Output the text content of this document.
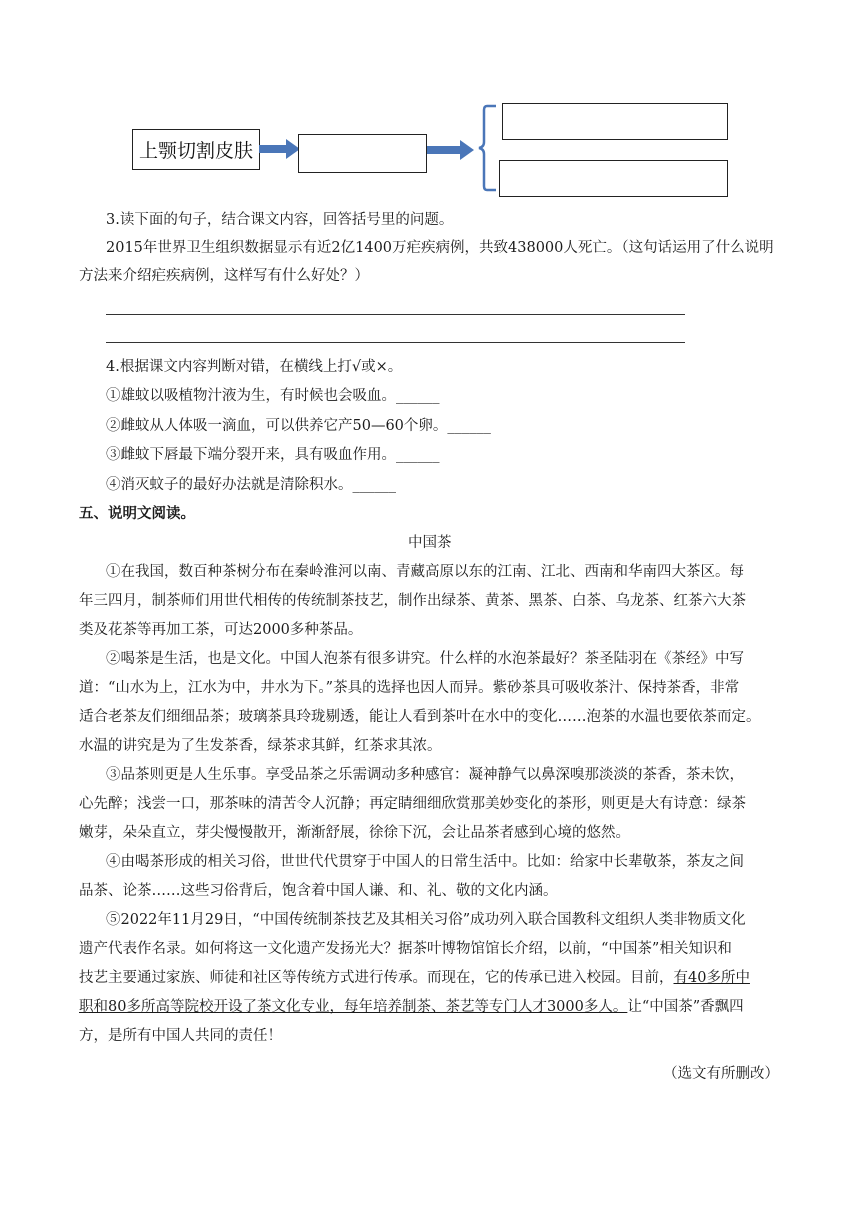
上颚切割皮肤
3.读下面的句子，结合课文内容，回答括号里的问题。
2015年世界卫生组织数据显示有近2亿1400万疟疾病例，共致438000人死亡。（这句话运用了什么说明
方法来介绍疟疾病例，这样写有什么好处？）
4.根据课文内容判断对错，在横线上打√或×。
①雄蚊以吸植物汁液为生，有时候也会吸血。______
②雌蚊从人体吸一滴血，可以供养它产50—60个卵。______
③雌蚊下唇最下端分裂开来，具有吸血作用。______
④消灭蚊子的最好办法就是清除积水。______
五、说明文阅读。
中国茶
①在我国，数百种茶树分布在秦岭淮河以南、青藏高原以东的江南、江北、西南和华南四大茶区。每
年三四月，制茶师们用世代相传的传统制茶技艺，制作出绿茶、黄茶、黑茶、白茶、乌龙茶、红茶六大茶
类及花茶等再加工茶，可达2000多种茶品。
②喝茶是生活，也是文化。中国人泡茶有很多讲究。什么样的水泡茶最好？茶圣陆羽在《茶经》中写
道：“山水为上，江水为中，井水为下。”茶具的选择也因人而异。紫砂茶具可吸收茶汁、保持茶香，非常
适合老茶友们细细品茶；玻璃茶具玲珑剔透，能让人看到茶叶在水中的变化……泡茶的水温也要依茶而定。
水温的讲究是为了生发茶香，绿茶求其鲜，红茶求其浓。
③品茶则更是人生乐事。享受品茶之乐需调动多种感官：凝神静气以鼻深嗅那淡淡的茶香，茶未饮，
心先醉；浅尝一口，那茶味的清苦令人沉静；再定睛细细欣赏那美妙变化的茶形，则更是大有诗意：绿茶
嫩芽，朵朵直立，芽尖慢慢散开，渐渐舒展，徐徐下沉，会让品茶者感到心境的悠然。
④由喝茶形成的相关习俗，世世代代贯穿于中国人的日常生活中。比如：给家中长辈敬茶，茶友之间
品茶、论茶……这些习俗背后，饱含着中国人谦、和、礼、敬的文化内涵。
⑤2022年11月29日，“中国传统制茶技艺及其相关习俗”成功列入联合国教科文组织人类非物质文化
遗产代表作名录。如何将这一文化遗产发扬光大？据茶叶博物馆馆长介绍，以前，“中国茶”相关知识和
技艺主要通过家族、师徒和社区等传统方式进行传承。而现在，它的传承已进入校园。目前，有40多所中
职和80多所高等院校开设了茶文化专业，每年培养制茶、茶艺等专门人才3000多人。让“中国茶”香飘四
方，是所有中国人共同的责任！
（选文有所删改）
